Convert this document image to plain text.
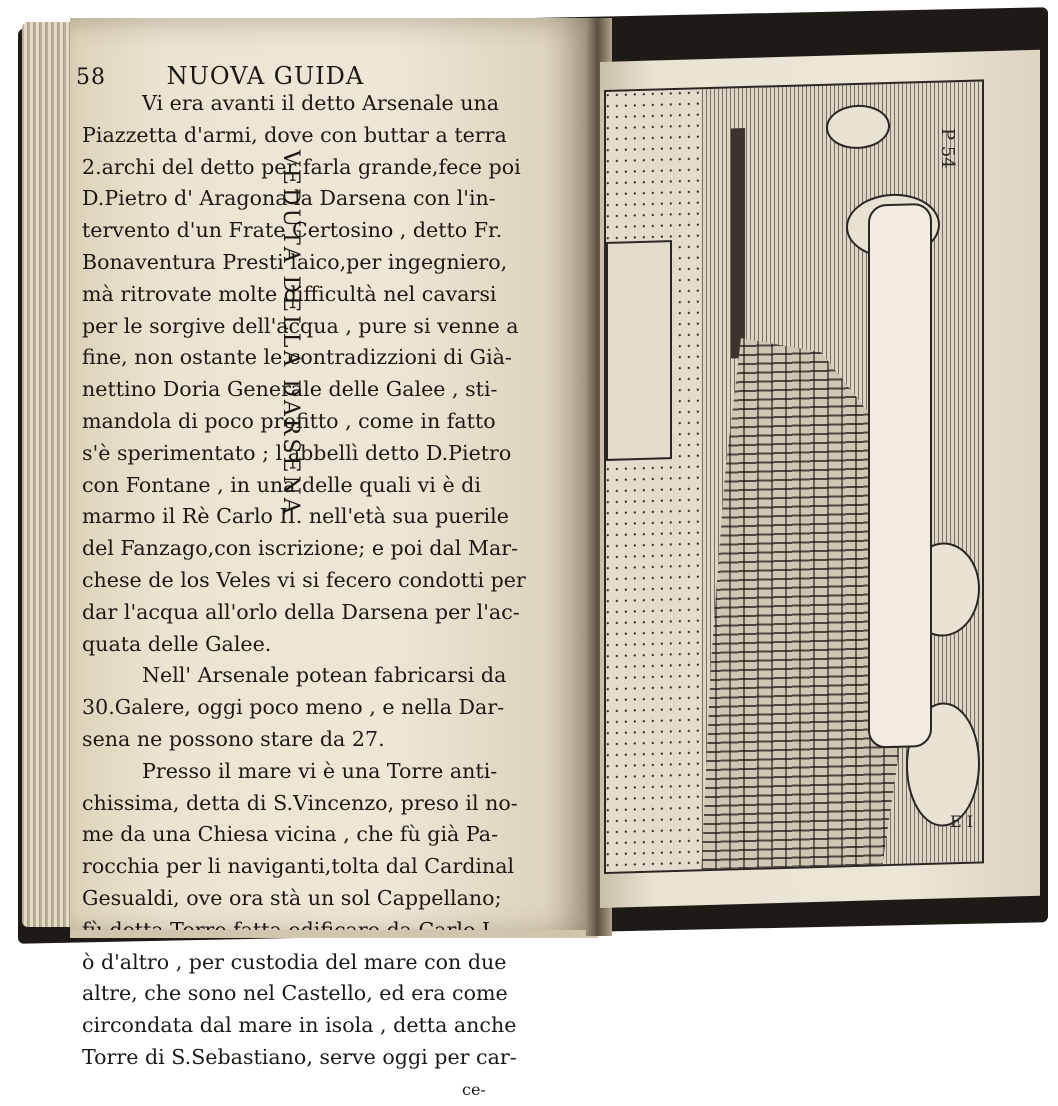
58	NUOVA GUIDA
Vi era avanti il detto Arsenale una
Piazzetta d'armi, dove con buttar a terra
2.archi del detto per farla grande,fece poi
D.Pietro d' Aragona la Darsena con l'in-
tervento d'un Frate Certosino , detto Fr.
Bonaventura Presti laico,per ingegniero,
mà ritrovate molte difficultà nel cavarsi
per le sorgive dell'acqua , pure si venne a
fine, non ostante le contradizzioni di Già-
nettino Doria Generale delle Galee , sti-
mandola di poco profitto , come in fatto
s'è sperimentato ; l'abbellì detto D.Pietro
con Fontane , in una delle quali vi è di
marmo il Rè Carlo II. nell'età sua puerile
del Fanzago,con iscrizione; e poi dal Mar-
chese de los Veles vi si fecero condotti per
dar l'acqua all'orlo della Darsena per l'ac-
quata delle Galee.
Nell' Arsenale potean fabricarsi da
30.Galere, oggi poco meno , e nella Dar-
sena ne possono stare da 27.
Presso il mare vi è una Torre anti-
chissima, detta di S.Vincenzo, preso il no-
me da una Chiesa vicina , che fù già Pa-
rocchia per li naviganti,tolta dal Cardinal
Gesualdi, ove ora stà un sol Cappellano;
ò d'altro , per custodia del mare con due
altre, che sono nel Castello, ed era come
circondata dal mare in isola , detta anche
Torre di S.Sebastiano, serve oggi per car-
ce-
VEDUTA DELLA DARSENA
P 54
E I
